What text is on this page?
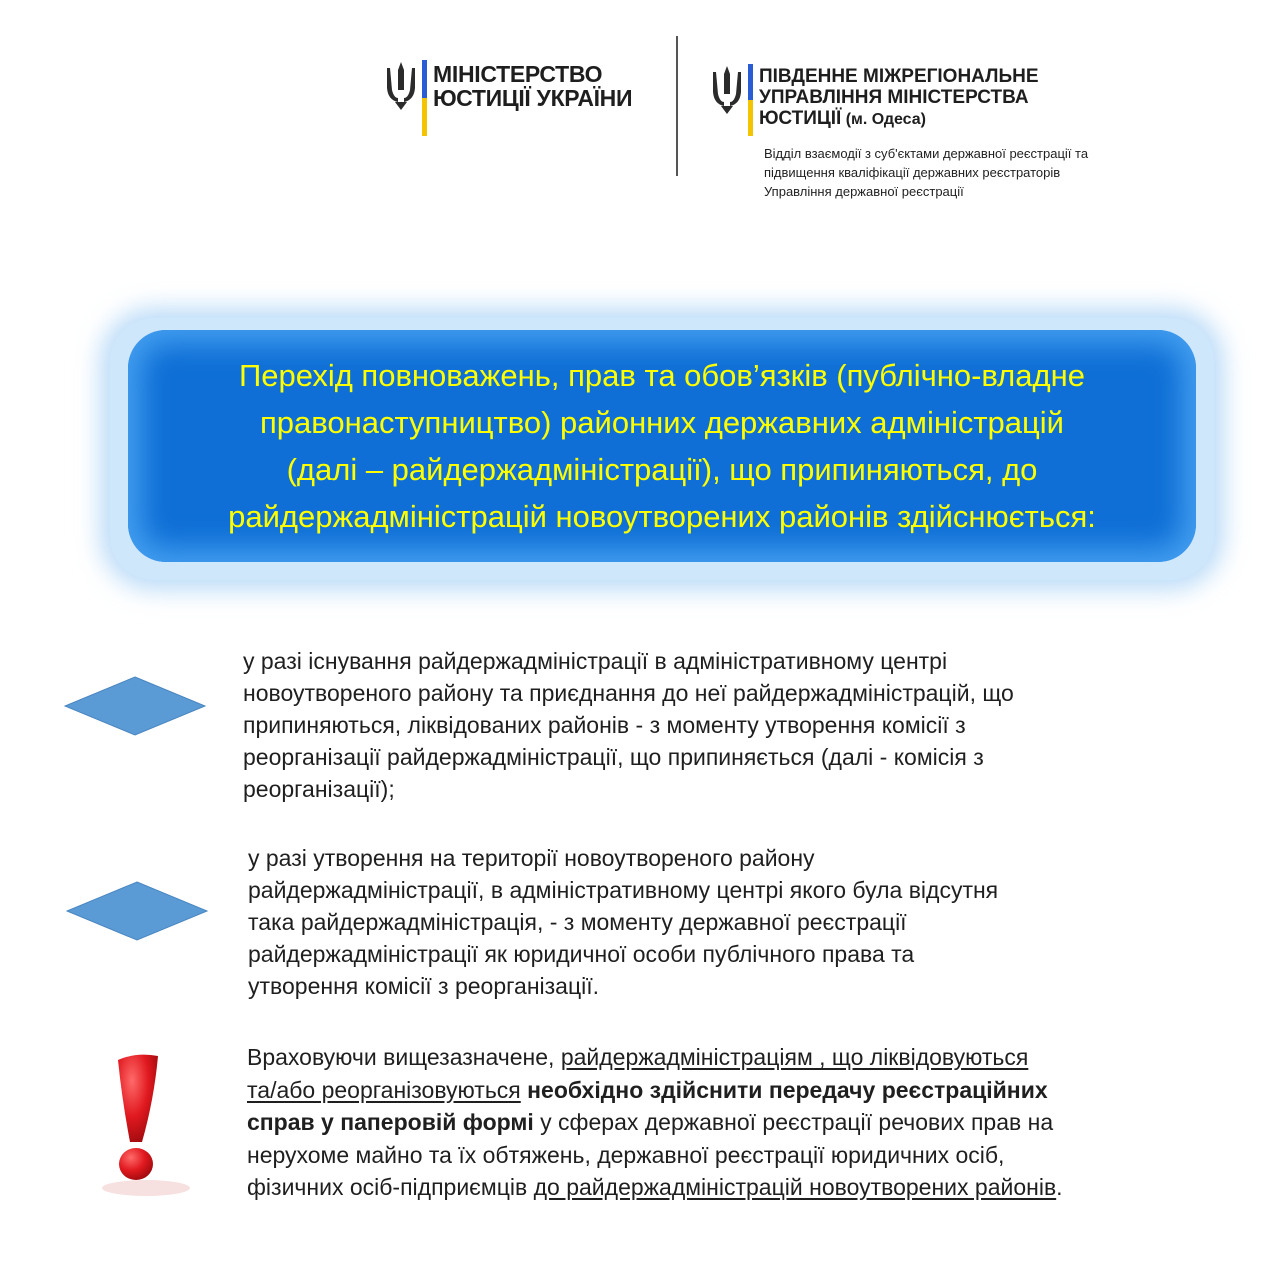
МІНІСТЕРСТВО
ЮСТИЦІЇ УКРАЇНИ
ПІВДЕННЕ МІЖРЕГІОНАЛЬНЕ
УПРАВЛІННЯ МІНІСТЕРСТВА
ЮСТИЦІЇ (м. Одеса)
Відділ взаємодії з суб'єктами державної реєстрації та підвищення кваліфікації державних реєстраторів Управління державної реєстрації
Перехід повноважень, прав та обов’язків (публічно-владне
правонаступництво) районних державних адміністрацій
(далі – райдержадміністрації), що припиняються, до
райдержадміністрацій новоутворених районів здійснюється:
у разі існування райдержадміністрації в адміністративному центрі
новоутвореного району та приєднання до неї райдержадміністрацій, що
припиняються, ліквідованих районів - з моменту утворення комісії з
реорганізації райдержадміністрації, що припиняється (далі - комісія з
реорганізації);
у разі утворення на території новоутвореного району
райдержадміністрації, в адміністративному центрі якого була відсутня
така райдержадміністрація, - з моменту державної реєстрації
райдержадміністрації як юридичної особи публічного права та
утворення комісії з реорганізації.
Враховуючи вищезазначене, райдержадміністраціям , що ліквідовуються
та/або реорганізовуються необхідно здійснити передачу реєстраційних
справ у паперовій формі у сферах державної реєстрації речових прав на
нерухоме майно та їх обтяжень, державної реєстрації юридичних осіб,
фізичних осіб-підприємців до райдержадміністрацій новоутворених районів.
